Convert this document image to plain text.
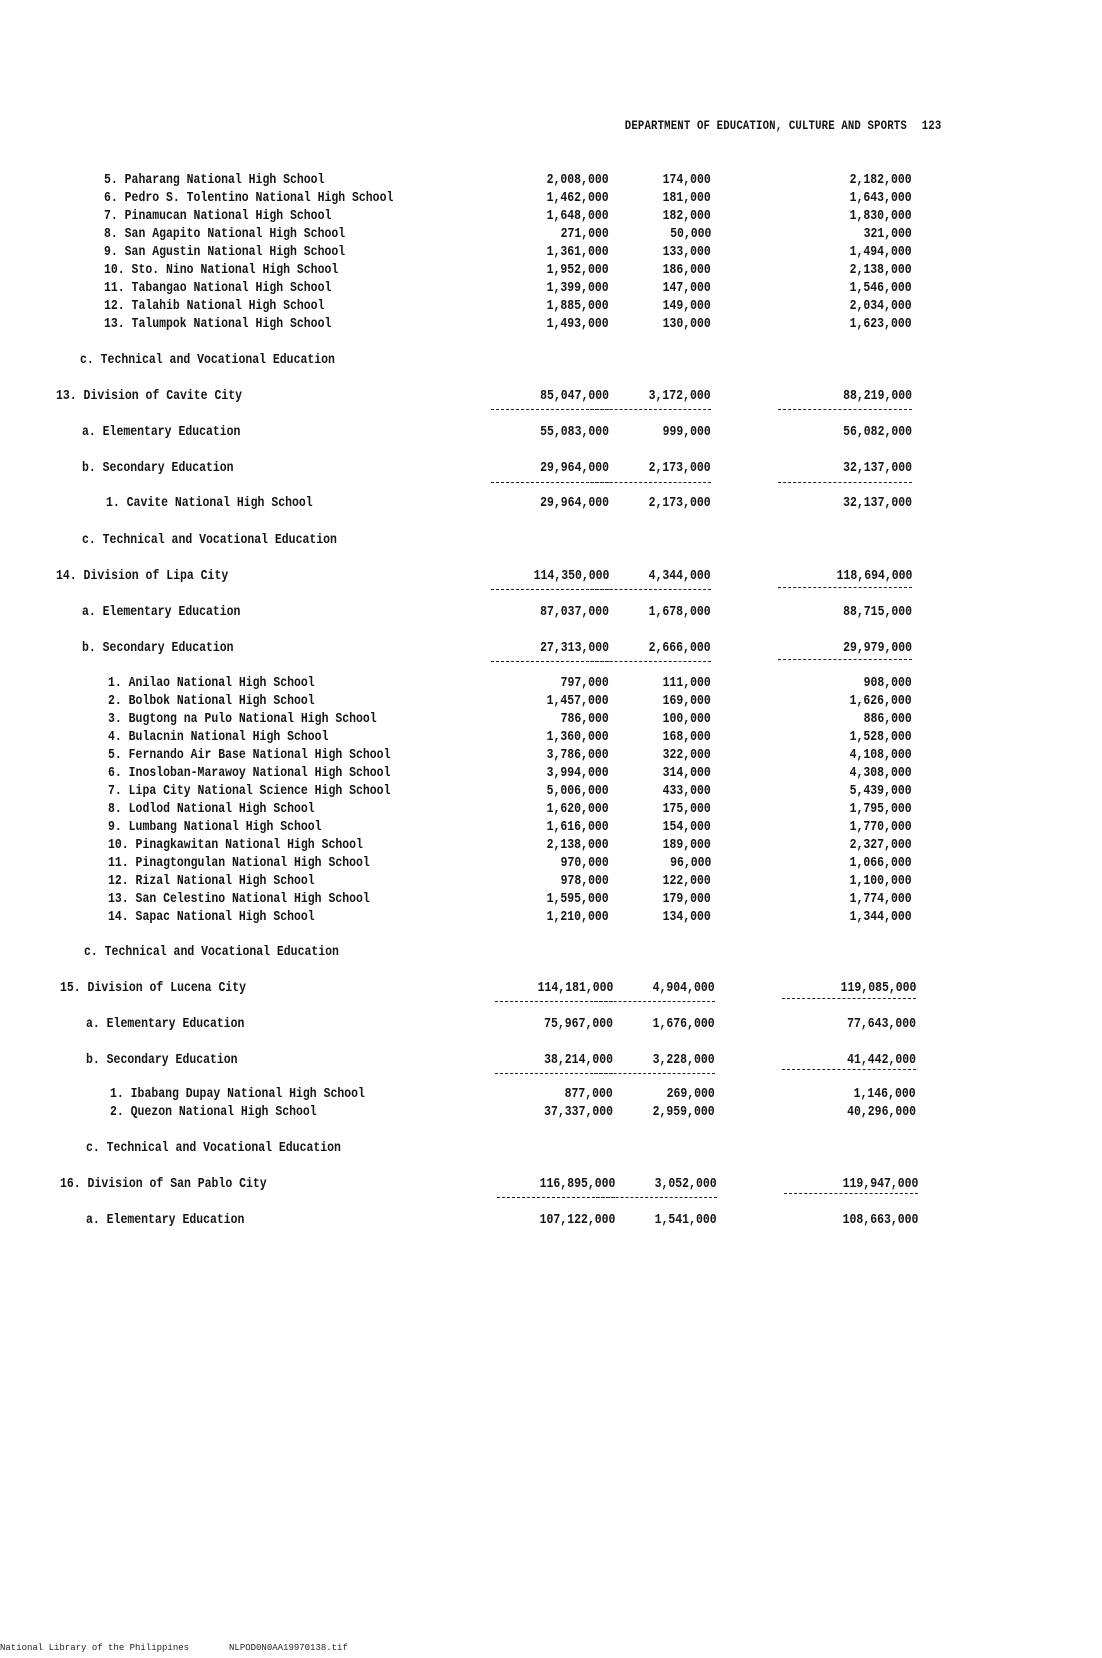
DEPARTMENT OF EDUCATION, CULTURE AND SPORTS 123
5. Paharang National High School	2,008,000	174,000	2,182,000
6. Pedro S. Tolentino National High School	1,462,000	181,000	1,643,000
7. Pinamucan National High School	1,648,000	182,000	1,830,000
8. San Agapito National High School	271,000	50,000	321,000
9. San Agustin National High School	1,361,000	133,000	1,494,000
10. Sto. Nino National High School	1,952,000	186,000	2,138,000
11. Tabangao National High School	1,399,000	147,000	1,546,000
12. Talahib National High School	1,885,000	149,000	2,034,000
13. Talumpok National High School	1,493,000	130,000	1,623,000
c. Technical and Vocational Education
13. Division of Cavite City	85,047,000	3,172,000	88,219,000
a. Elementary Education	55,083,000	999,000	56,082,000
b. Secondary Education	29,964,000	2,173,000	32,137,000
1. Cavite National High School	29,964,000	2,173,000	32,137,000
c. Technical and Vocational Education
14. Division of Lipa City	114,350,000	4,344,000	118,694,000
a. Elementary Education	87,037,000	1,678,000	88,715,000
b. Secondary Education	27,313,000	2,666,000	29,979,000
1. Anilao National High School	797,000	111,000	908,000
2. Bolbok National High School	1,457,000	169,000	1,626,000
3. Bugtong na Pulo National High School	786,000	100,000	886,000
4. Bulacnin National High School	1,360,000	168,000	1,528,000
5. Fernando Air Base National High School	3,786,000	322,000	4,108,000
6. Inosloban-Marawoy National High School	3,994,000	314,000	4,308,000
7. Lipa City National Science High School	5,006,000	433,000	5,439,000
8. Lodlod National High School	1,620,000	175,000	1,795,000
9. Lumbang National High School	1,616,000	154,000	1,770,000
10. Pinagkawitan National High School	2,138,000	189,000	2,327,000
11. Pinagtongulan National High School	970,000	96,000	1,066,000
12. Rizal National High School	978,000	122,000	1,100,000
13. San Celestino National High School	1,595,000	179,000	1,774,000
14. Sapac National High School	1,210,000	134,000	1,344,000
c. Technical and Vocational Education
15. Division of Lucena City	114,181,000	4,904,000	119,085,000
a. Elementary Education	75,967,000	1,676,000	77,643,000
b. Secondary Education	38,214,000	3,228,000	41,442,000
1. Ibabang Dupay National High School	877,000	269,000	1,146,000
2. Quezon National High School	37,337,000	2,959,000	40,296,000
c. Technical and Vocational Education
16. Division of San Pablo City	116,895,000	3,052,000	119,947,000
a. Elementary Education	107,122,000	1,541,000	108,663,000
National Library of the Philippines	NLPOD0N0AA19970138.tif
